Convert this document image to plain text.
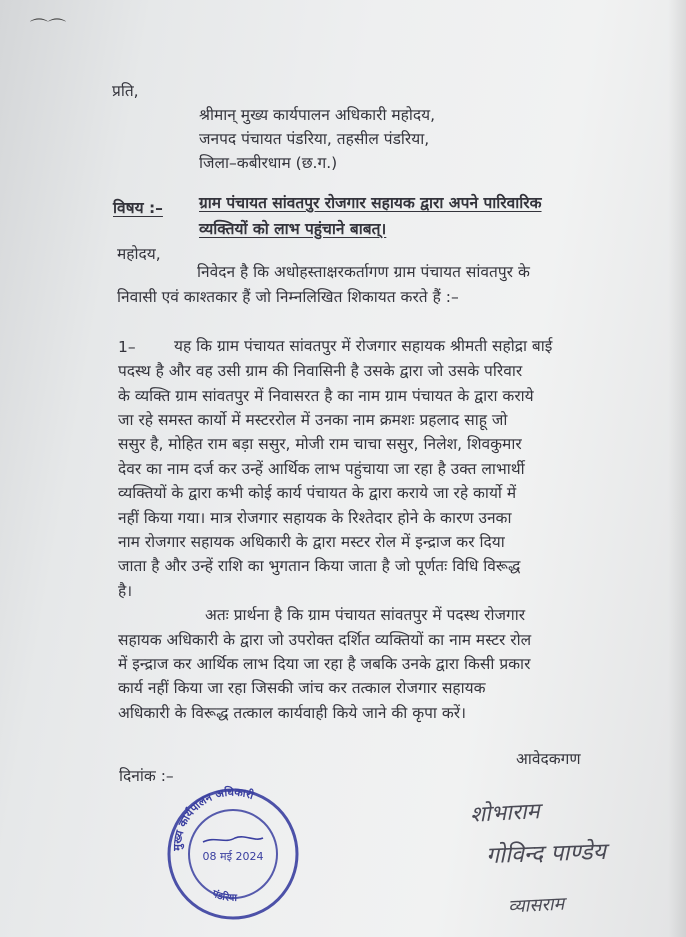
⌒⌒
प्रति,
श्रीमान् मुख्य कार्यपालन अधिकारी महोदय,
जनपद पंचायत पंडरिया, तहसील पंडरिया,
जिला–कबीरधाम (छ.ग.)
विषय :– ग्राम पंचायत सांवतपुर रोजगार सहायक द्वारा अपने पारिवारिक
व्यक्तियों को लाभ पहुंचाने बाबत्।
महोदय,
निवेदन है कि अधोहस्ताक्षरकर्तागण ग्राम पंचायत सांवतपुर के
निवासी एवं काश्तकार हैं जो निम्नलिखित शिकायत करते हैं :–
1– यह कि ग्राम पंचायत सांवतपुर में रोजगार सहायक श्रीमती सहोद्रा बाई
पदस्थ है और वह उसी ग्राम की निवासिनी है उसके द्वारा जो उसके परिवार
के व्यक्ति ग्राम सांवतपुर में निवासरत है का नाम ग्राम पंचायत के द्वारा कराये
जा रहे समस्त कार्यो में मस्टररोल में उनका नाम क्रमशः प्रहलाद साहू जो
ससुर है, मोहित राम बड़ा ससुर, मोजी राम चाचा ससुर, निलेश, शिवकुमार
देवर का नाम दर्ज कर उन्हें आर्थिक लाभ पहुंचाया जा रहा है उक्त लाभार्थी
व्यक्तियों के द्वारा कभी कोई कार्य पंचायत के द्वारा कराये जा रहे कार्यो में
नहीं किया गया। मात्र रोजगार सहायक के रिश्तेदार होने के कारण उनका
नाम रोजगार सहायक अधिकारी के द्वारा मस्टर रोल में इन्द्राज कर दिया
जाता है और उन्हें राशि का भुगतान किया जाता है जो पूर्णतः विधि विरूद्ध
है।
अतः प्रार्थना है कि ग्राम पंचायत सांवतपुर में पदस्थ रोजगार
सहायक अधिकारी के द्वारा जो उपरोक्त दर्शित व्यक्तियों का नाम मस्टर रोल
में इन्द्राज कर आर्थिक लाभ दिया जा रहा है जबकि उनके द्वारा किसी प्रकार
कार्य नहीं किया जा रहा जिसकी जांच कर तत्काल रोजगार सहायक
अधिकारी के विरूद्ध तत्काल कार्यवाही किये जाने की कृपा करें।
आवेदकगण
दिनांक :–
मुख्य कार्यपालन अधिकारी
पंडरिया
08 मई 2024
शोभाराम
गोविन्द पाण्डेय
व्यासराम
